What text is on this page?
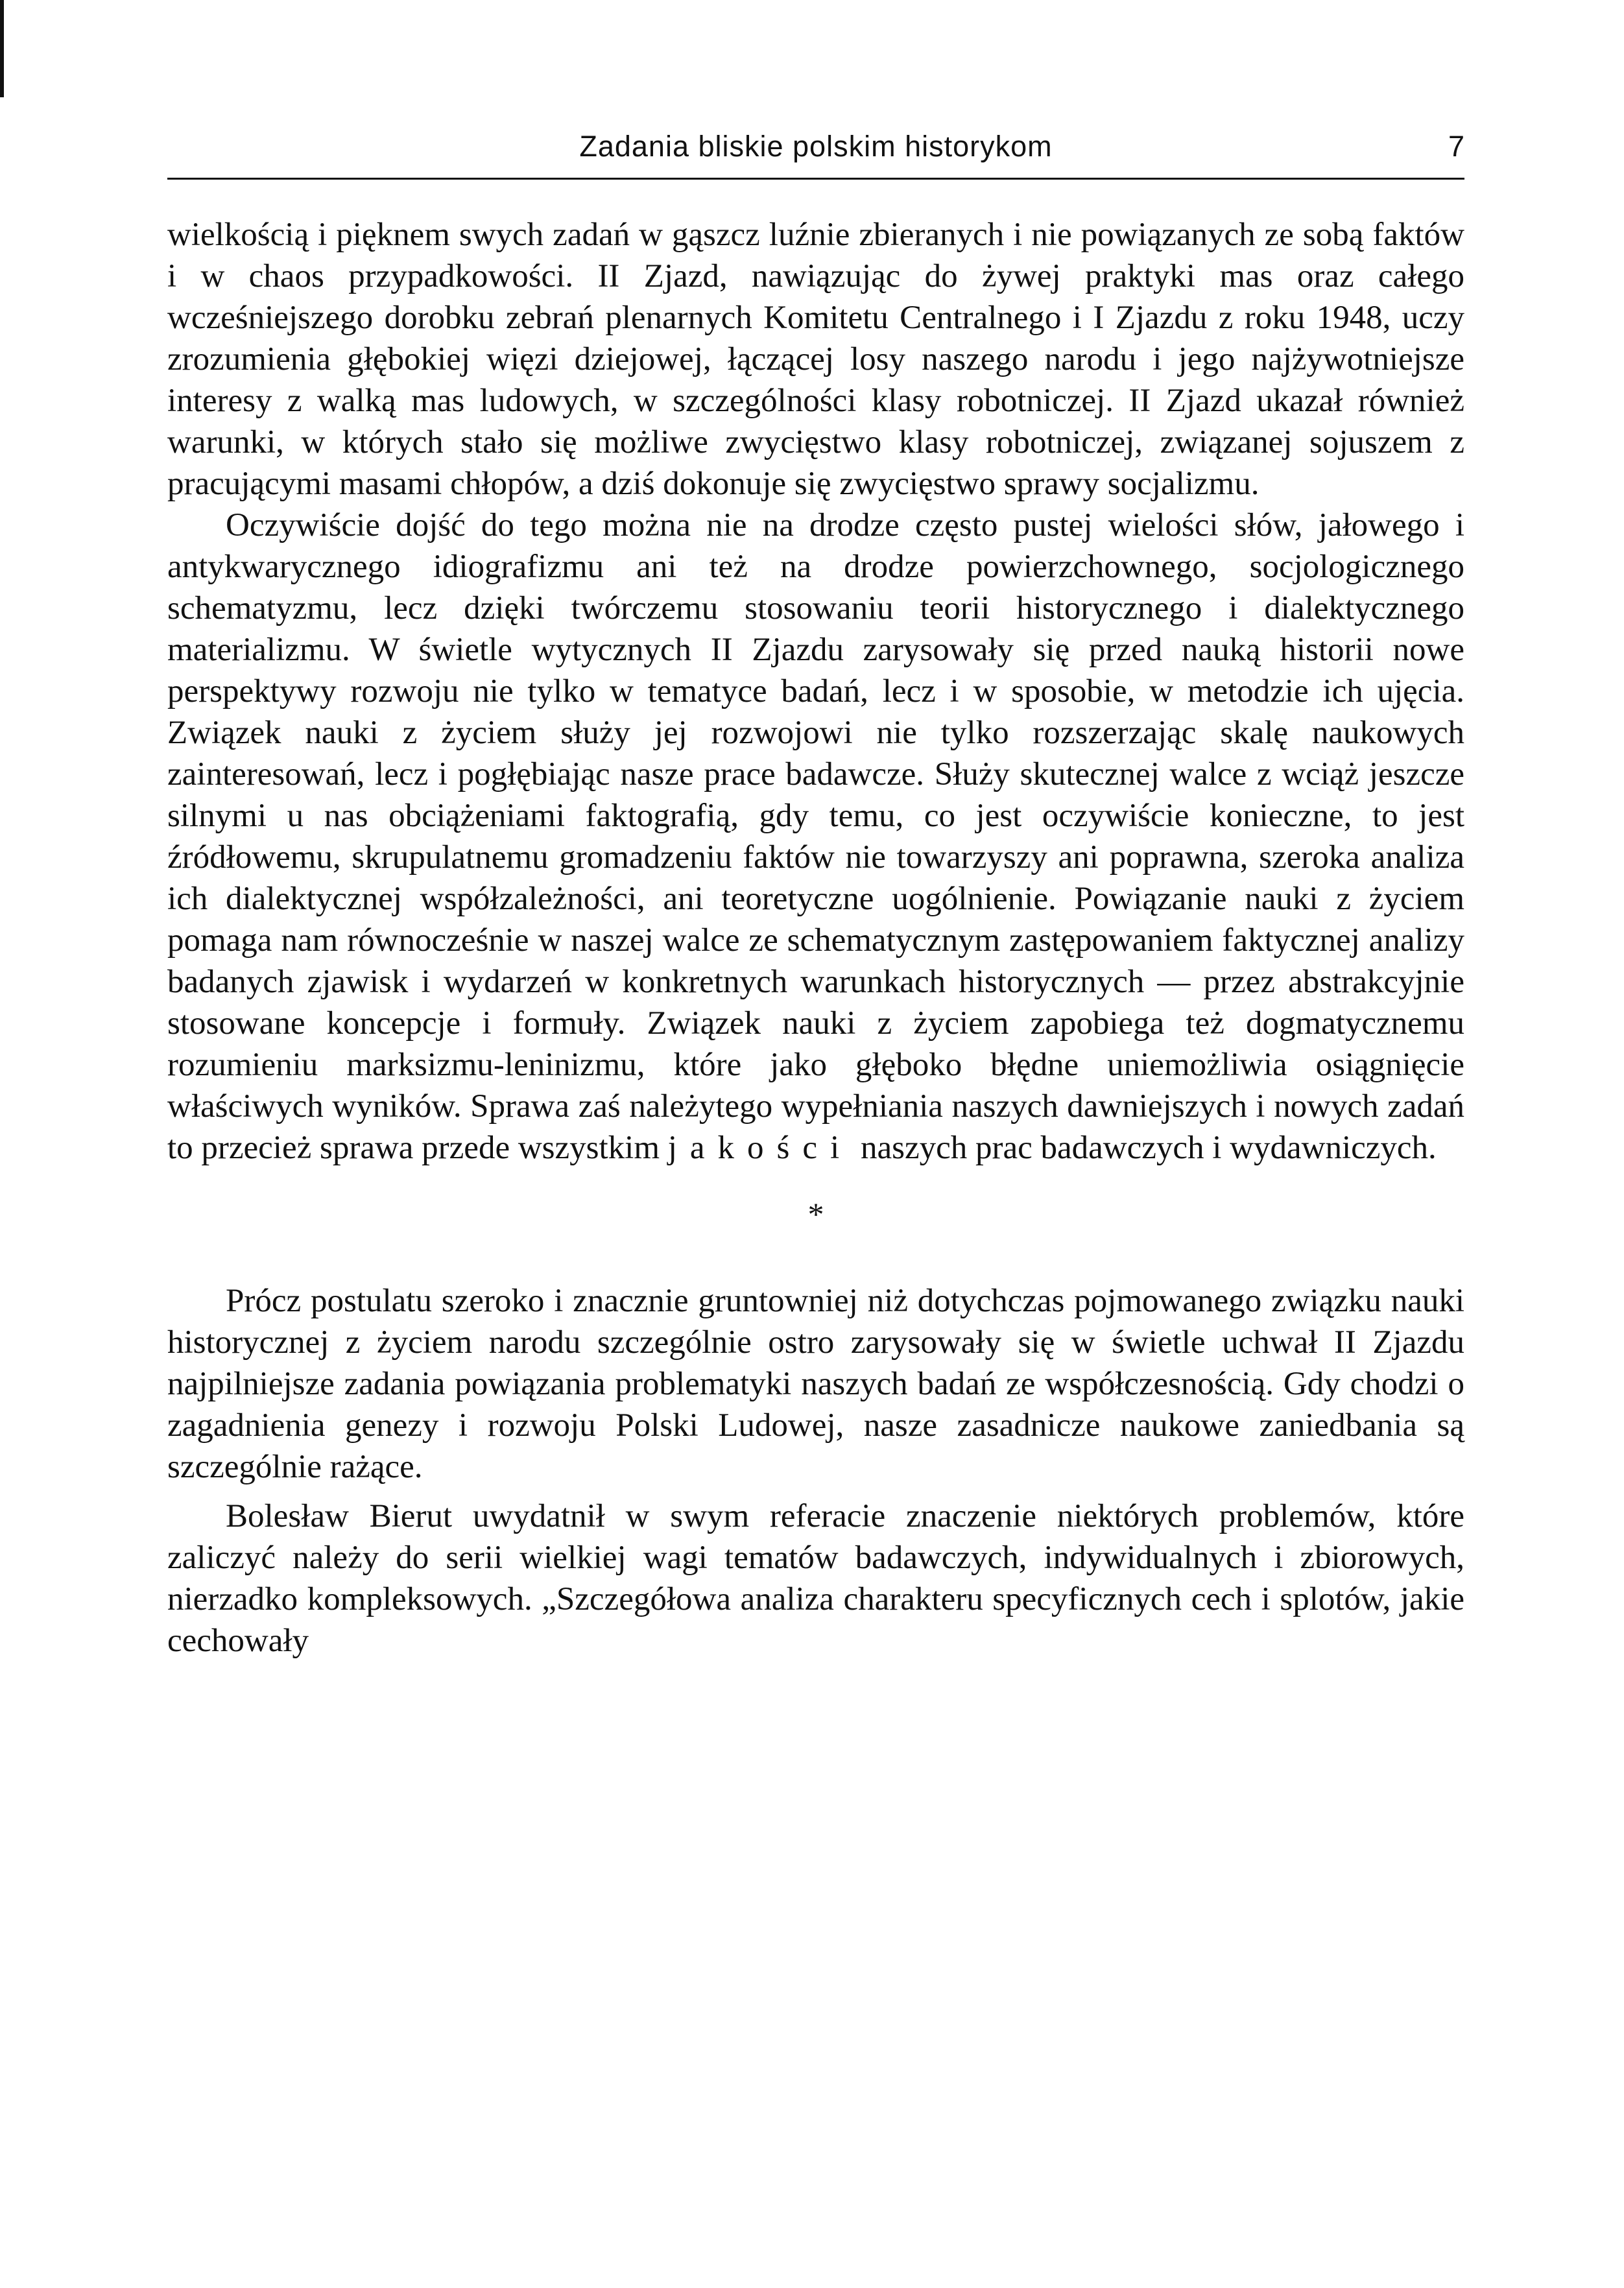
Zadania bliskie polskim historykom	7

wielkością i pięknem swych zadań w gąszcz luźnie zbieranych i nie powiązanych ze sobą faktów i w chaos przypadkowości. II Zjazd, nawiązując do żywej praktyki mas oraz całego wcześniejszego dorobku zebrań plenarnych Komitetu Centralnego i I Zjazdu z roku 1948, uczy zrozumienia głębokiej więzi dziejowej, łączącej losy naszego narodu i jego najżywotniejsze interesy z walką mas ludowych, w szczególności klasy robotniczej. II Zjazd ukazał również warunki, w których stało się możliwe zwycięstwo klasy robotniczej, związanej sojuszem z pracującymi masami chłopów, a dziś dokonuje się zwycięstwo sprawy socjalizmu.

Oczywiście dojść do tego można nie na drodze często pustej wielości słów, jałowego i antykwarycznego idiografizmu ani też na drodze powierzchownego, socjologicznego schematyzmu, lecz dzięki twórczemu stosowaniu teorii historycznego i dialektycznego materializmu. W świetle wytycznych II Zjazdu zarysowały się przed nauką historii nowe perspektywy rozwoju nie tylko w tematyce badań, lecz i w sposobie, w metodzie ich ujęcia. Związek nauki z życiem służy jej rozwojowi nie tylko rozszerzając skalę naukowych zainteresowań, lecz i pogłębiając nasze prace badawcze. Służy skutecznej walce z wciąż jeszcze silnymi u nas obciążeniami faktografią, gdy temu, co jest oczywiście konieczne, to jest źródłowemu, skrupulatnemu gromadzeniu faktów nie towarzyszy ani poprawna, szeroka analiza ich dialektycznej współzależności, ani teoretyczne uogólnienie. Powiązanie nauki z życiem pomaga nam równocześnie w naszej walce ze schematycznym zastępowaniem faktycznej analizy badanych zjawisk i wydarzeń w konkretnych warunkach historycznych — przez abstrakcyjnie stosowane koncepcje i formuły. Związek nauki z życiem zapobiega też dogmatycznemu rozumieniu marksizmu-leninizmu, które jako głęboko błędne uniemożliwia osiągnięcie właściwych wyników. Sprawa zaś należytego wypełniania naszych dawniejszych i nowych zadań to przecież sprawa przede wszystkim jakości naszych prac badawczych i wydawniczych.

*

Prócz postulatu szeroko i znacznie gruntowniej niż dotychczas pojmowanego związku nauki historycznej z życiem narodu szczególnie ostro zarysowały się w świetle uchwał II Zjazdu najpilniejsze zadania powiązania problematyki naszych badań ze współczesnością. Gdy chodzi o zagadnienia genezy i rozwoju Polski Ludowej, nasze zasadnicze naukowe zaniedbania są szczególnie rażące.

Bolesław Bierut uwydatnił w swym referacie znaczenie niektórych problemów, które zaliczyć należy do serii wielkiej wagi tematów badawczych, indywidualnych i zbiorowych, nierzadko kompleksowych. „Szczegółowa analiza charakteru specyficznych cech i splotów, jakie cechowały
